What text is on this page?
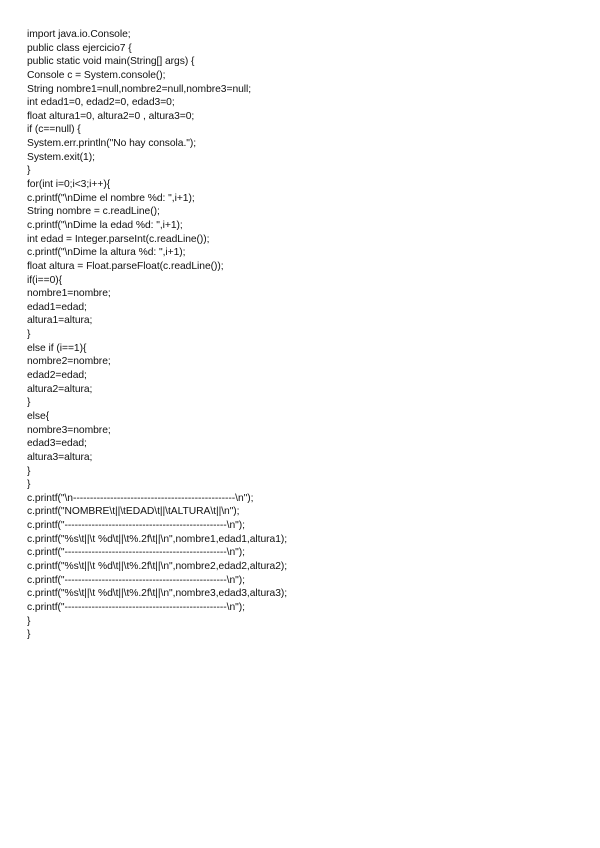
import java.io.Console;
public class ejercicio7 {
public static void main(String[] args) {
Console c = System.console();
String nombre1=null,nombre2=null,nombre3=null;
int edad1=0, edad2=0, edad3=0;
float altura1=0, altura2=0 , altura3=0;
if (c==null) {
System.err.println("No hay consola.");
System.exit(1);
}
for(int i=0;i<3;i++){
c.printf("\nDime el nombre %d: ",i+1);
String nombre = c.readLine();
c.printf("\nDime la edad %d: ",i+1);
int edad = Integer.parseInt(c.readLine());
c.printf("\nDime la altura %d: ",i+1);
float altura = Float.parseFloat(c.readLine());
if(i==0){
nombre1=nombre;
edad1=edad;
altura1=altura;
}
else if (i==1){
nombre2=nombre;
edad2=edad;
altura2=altura;
}
else{
nombre3=nombre;
edad3=edad;
altura3=altura;
}
}
c.printf("\n------------------------------------------------\n");
c.printf("NOMBRE\t||\tEDAD\t||\tALTURA\t||\n");
c.printf("------------------------------------------------\n");
c.printf("%s\t||\t %d\t||\t%.2f\t||\n",nombre1,edad1,altura1);
c.printf("------------------------------------------------\n");
c.printf("%s\t||\t %d\t||\t%.2f\t||\n",nombre2,edad2,altura2);
c.printf("------------------------------------------------\n");
c.printf("%s\t||\t %d\t||\t%.2f\t||\n",nombre3,edad3,altura3);
c.printf("------------------------------------------------\n");
}
}
